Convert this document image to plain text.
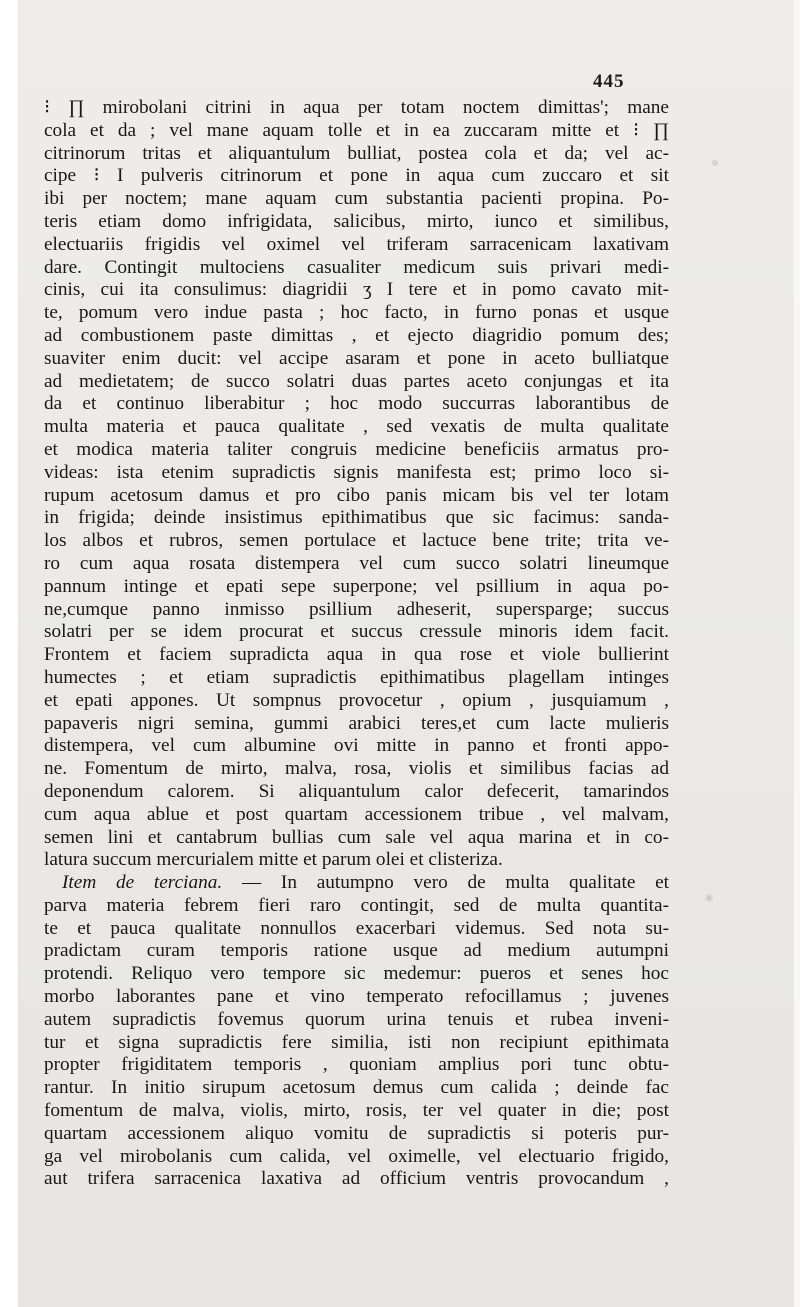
445
⁝ ∏ mirobolani citrini in aqua per totam noctem dimittas'; mane
cola et da ; vel mane aquam tolle et in ea zuccaram mitte et ⁝ ∏
citrinorum tritas et aliquantulum bulliat, postea cola et da; vel ac-
cipe ⁝ I pulveris citrinorum et pone in aqua cum zuccaro et sit
ibi per noctem; mane aquam cum substantia pacienti propina. Po-
teris etiam domo infrigidata, salicibus, mirto, iunco et similibus,
electuariis frigidis vel oximel vel triferam sarracenicam laxativam
dare. Contingit multociens casualiter medicum suis privari medi-
cinis, cui ita consulimus: diagridii ʒ I tere et in pomo cavato mit-
te, pomum vero indue pasta ; hoc facto, in furno ponas et usque
ad combustionem paste dimittas , et ejecto diagridio pomum des;
suaviter enim ducit: vel accipe asaram et pone in aceto bulliatque
ad medietatem; de succo solatri duas partes aceto conjungas et ita
da et continuo liberabitur ; hoc modo succurras laborantibus de
multa materia et pauca qualitate , sed vexatis de multa qualitate
et modica materia taliter congruis medicine beneficiis armatus pro-
videas: ista etenim supradictis signis manifesta est; primo loco si-
rupum acetosum damus et pro cibo panis micam bis vel ter lotam
in frigida; deinde insistimus epithimatibus que sic facimus: sanda-
los albos et rubros, semen portulace et lactuce bene trite; trita ve-
ro cum aqua rosata distempera vel cum succo solatri lineumque
pannum intinge et epati sepe superpone; vel psillium in aqua po-
ne,cumque panno inmisso psillium adheserit, supersparge; succus
solatri per se idem procurat et succus cressule minoris idem facit.
Frontem et faciem supradicta aqua in qua rose et viole bullierint
humectes ; et etiam supradictis epithimatibus plagellam intinges
et epati appones. Ut sompnus provocetur , opium , jusquiamum ,
papaveris nigri semina, gummi arabici teres,et cum lacte mulieris
distempera, vel cum albumine ovi mitte in panno et fronti appo-
ne. Fomentum de mirto, malva, rosa, violis et similibus facias ad
deponendum calorem. Si aliquantulum calor defecerit, tamarindos
cum aqua ablue et post quartam accessionem tribue , vel malvam,
semen lini et cantabrum bullias cum sale vel aqua marina et in co-
latura succum mercurialem mitte et parum olei et clisteriza.
Item de terciana. — In autumpno vero de multa qualitate et
parva materia febrem fieri raro contingit, sed de multa quantita-
te et pauca qualitate nonnullos exacerbari videmus. Sed nota su-
pradictam curam temporis ratione usque ad medium autumpni
protendi. Reliquo vero tempore sic medemur: pueros et senes hoc
morbo laborantes pane et vino temperato refocillamus ; juvenes
autem supradictis fovemus quorum urina tenuis et rubea inveni-
tur et signa supradictis fere similia, isti non recipiunt epithimata
propter frigiditatem temporis , quoniam amplius pori tunc obtu-
rantur. In initio sirupum acetosum demus cum calida ; deinde fac
fomentum de malva, violis, mirto, rosis, ter vel quater in die; post
quartam accessionem aliquo vomitu de supradictis si poteris pur-
ga vel mirobolanis cum calida, vel oximelle, vel electuario frigido,
aut trifera sarracenica laxativa ad officium ventris provocandum ,
